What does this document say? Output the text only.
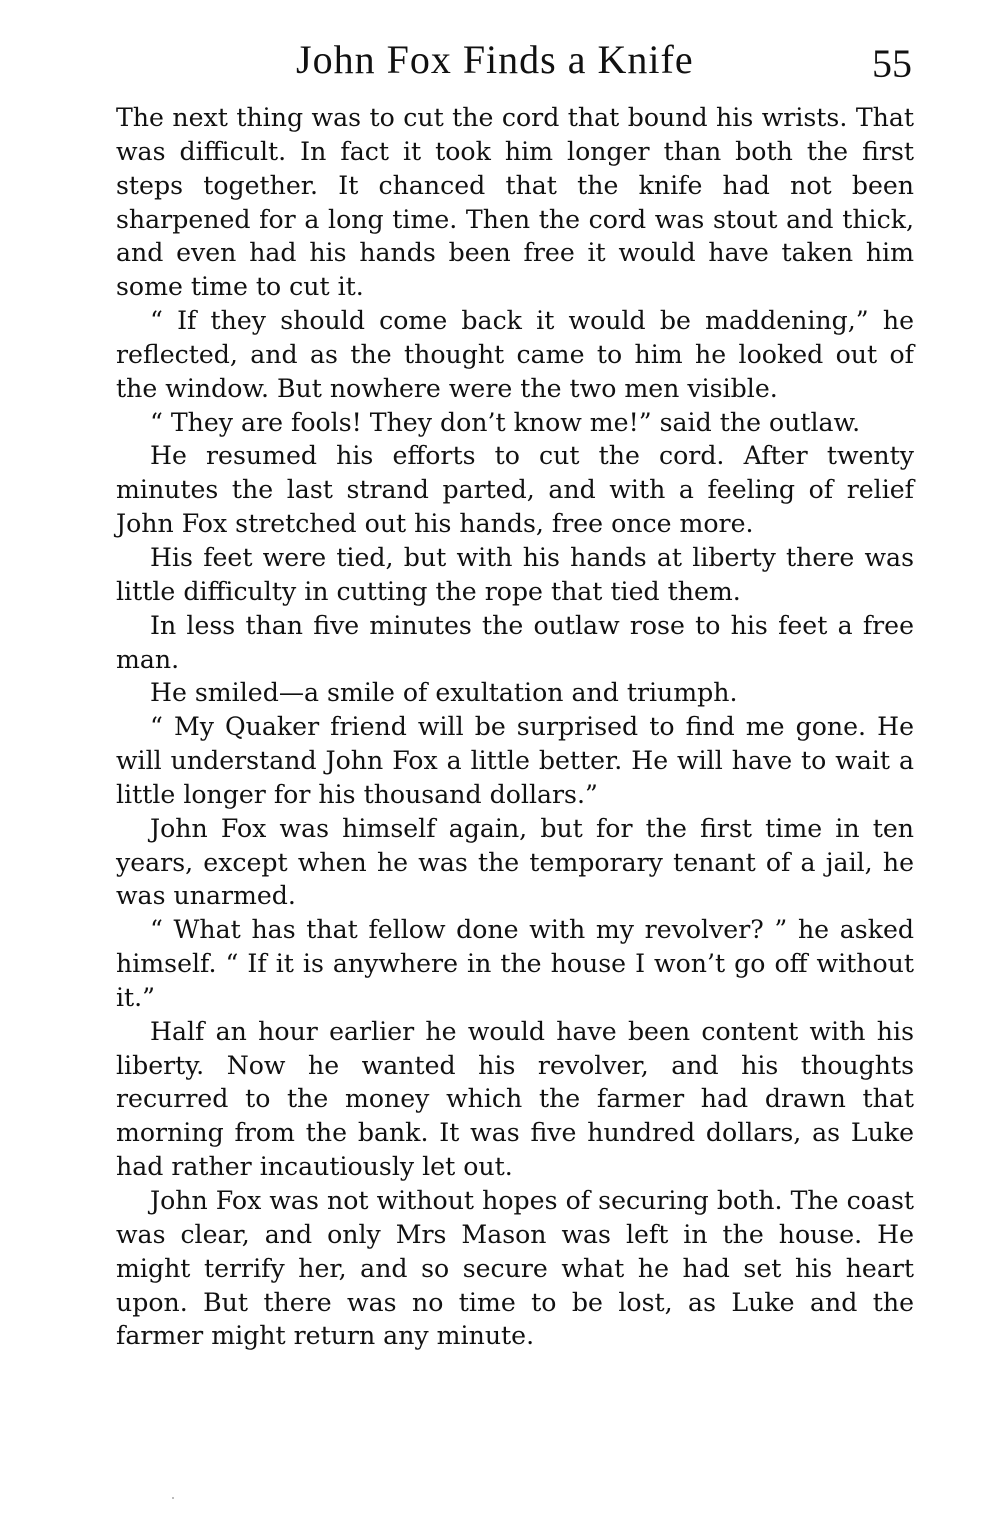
John Fox Finds a Knife	55

The next thing was to cut the cord that bound his wrists. That was difficult. In fact it took him longer than both the first steps together. It chanced that the knife had not been sharpened for a long time. Then the cord was stout and thick, and even had his hands been free it would have taken him some time to cut it.

“ If they should come back it would be maddening,” he reflected, and as the thought came to him he looked out of the window. But nowhere were the two men visible.

“ They are fools! They don’t know me!” said the outlaw.

He resumed his efforts to cut the cord. After twenty minutes the last strand parted, and with a feeling of relief John Fox stretched out his hands, free once more.

His feet were tied, but with his hands at liberty there was little difficulty in cutting the rope that tied them.

In less than five minutes the outlaw rose to his feet a free man.

He smiled—a smile of exultation and triumph.

“ My Quaker friend will be surprised to find me gone. He will understand John Fox a little better. He will have to wait a little longer for his thousand dollars.”

John Fox was himself again, but for the first time in ten years, except when he was the temporary tenant of a jail, he was unarmed.

“ What has that fellow done with my revolver? ” he asked himself. “ If it is anywhere in the house I won’t go off without it.”

Half an hour earlier he would have been content with his liberty. Now he wanted his revolver, and his thoughts recurred to the money which the farmer had drawn that morning from the bank. It was five hundred dollars, as Luke had rather incautiously let out.

John Fox was not without hopes of securing both. The coast was clear, and only Mrs Mason was left in the house. He might terrify her, and so secure what he had set his heart upon. But there was no time to be lost, as Luke and the farmer might return any minute.
